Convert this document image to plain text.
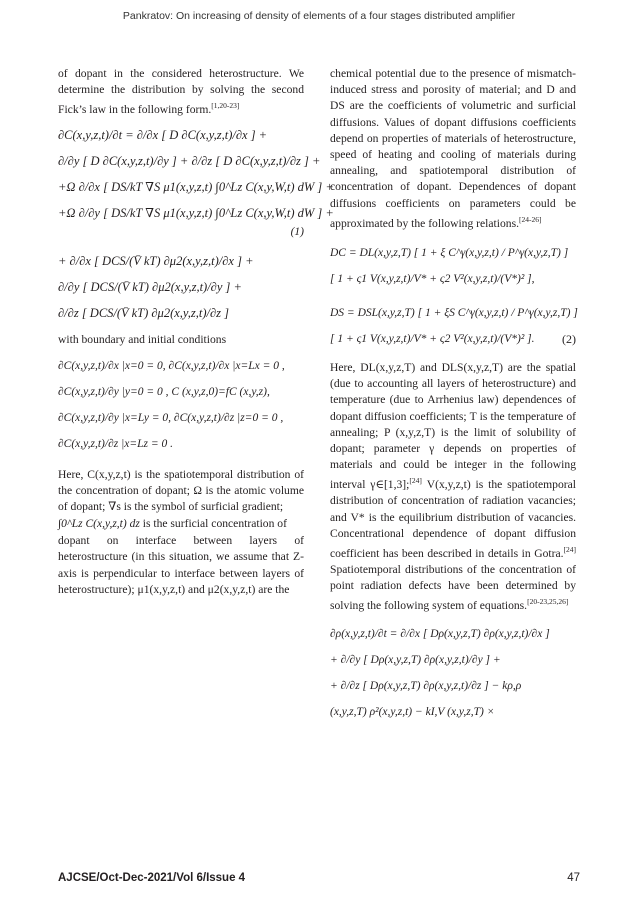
Pankratov: On increasing of density of elements of a four stages distributed amplifier

of dopant in the considered heterostructure. We determine the distribution by solving the second Fick’s law in the following form.[1,20-23]

∂C(x,y,z,t)/∂t = ∂/∂x [ D ∂C(x,y,z,t)/∂x ] +
∂/∂y [ D ∂C(x,y,z,t)/∂y ] + ∂/∂z [ D ∂C(x,y,z,t)/∂z ] +
+Ω ∂/∂x [ DS/kT ∇S μ1(x,y,z,t) ∫0^Lz C(x,y,W,t) dW ] +
+Ω ∂/∂y [ DS/kT ∇S μ1(x,y,z,t) ∫0^Lz C(x,y,W,t) dW ] +
(1)
+ ∂/∂x [ DCS/(V̄ kT) ∂μ2(x,y,z,t)/∂x ] +
∂/∂y [ DCS/(V̄ kT) ∂μ2(x,y,z,t)/∂y ] +
∂/∂z [ DCS/(V̄ kT) ∂μ2(x,y,z,t)/∂z ]

with boundary and initial conditions

∂C(x,y,z,t)/∂x |x=0 = 0, ∂C(x,y,z,t)/∂x |x=Lx = 0 ,
∂C(x,y,z,t)/∂y |y=0 = 0 , C (x,y,z,0)=fC (x,y,z),
∂C(x,y,z,t)/∂y |x=Ly = 0, ∂C(x,y,z,t)/∂z |z=0 = 0 ,
∂C(x,y,z,t)/∂z |x=Lz = 0 .

Here, C(x,y,z,t) is the spatiotemporal distribution of the concentration of dopant; Ω is the atomic volume of dopant; ∇s is the symbol of surficial gradient;

∫0^Lz C(x,y,z,t) dz is the surficial concentration of

dopant on interface between layers of heterostructure (in this situation, we assume that Z-axis is perpendicular to interface between layers of heterostructure); μ1(x,y,z,t) and μ2(x,y,z,t) are the

chemical potential due to the presence of mismatch-induced stress and porosity of material; and D and DS are the coefficients of volumetric and surficial diffusions. Values of dopant diffusions coefficients depend on properties of materials of heterostructure, speed of heating and cooling of materials during annealing, and spatiotemporal distribution of concentration of dopant. Dependences of dopant diffusions coefficients on parameters could be approximated by the following relations.[24-26]

DC = DL(x,y,z,T) [ 1 + ξ C^γ(x,y,z,t) / P^γ(x,y,z,T) ]
[ 1 + ς1 V(x,y,z,t)/V* + ς2 V²(x,y,z,t)/(V*)² ],
DS = DSL(x,y,z,T) [ 1 + ξS C^γ(x,y,z,t) / P^γ(x,y,z,T) ]
[ 1 + ς1 V(x,y,z,t)/V* + ς2 V²(x,y,z,t)/(V*)² ]. (2)

Here, DL(x,y,z,T) and DLS(x,y,z,T) are the spatial (due to accounting all layers of heterostructure) and temperature (due to Arrhenius law) dependences of dopant diffusion coefficients; T is the temperature of annealing; P (x,y,z,T) is the limit of solubility of dopant; parameter γ depends on properties of materials and could be integer in the following interval γ∈[1,3];[24] V(x,y,z,t) is the spatiotemporal distribution of concentration of radiation vacancies; and V* is the equilibrium distribution of vacancies. Concentrational dependence of dopant diffusion coefficient has been described in details in Gotra.[24] Spatiotemporal distributions of the concentration of point radiation defects have been determined by solving the following system of equations.[20-23,25,26]

∂ρ(x,y,z,t)/∂t = ∂/∂x [ Dρ(x,y,z,T) ∂ρ(x,y,z,t)/∂x ]
+ ∂/∂y [ Dρ(x,y,z,T) ∂ρ(x,y,z,t)/∂y ] +
+ ∂/∂z [ Dρ(x,y,z,T) ∂ρ(x,y,z,t)/∂z ] − kρ,ρ
(x,y,z,T) ρ²(x,y,z,t) − kI,V (x,y,z,T) ×
AJCSE/Oct-Dec-2021/Vol 6/Issue 4	47
